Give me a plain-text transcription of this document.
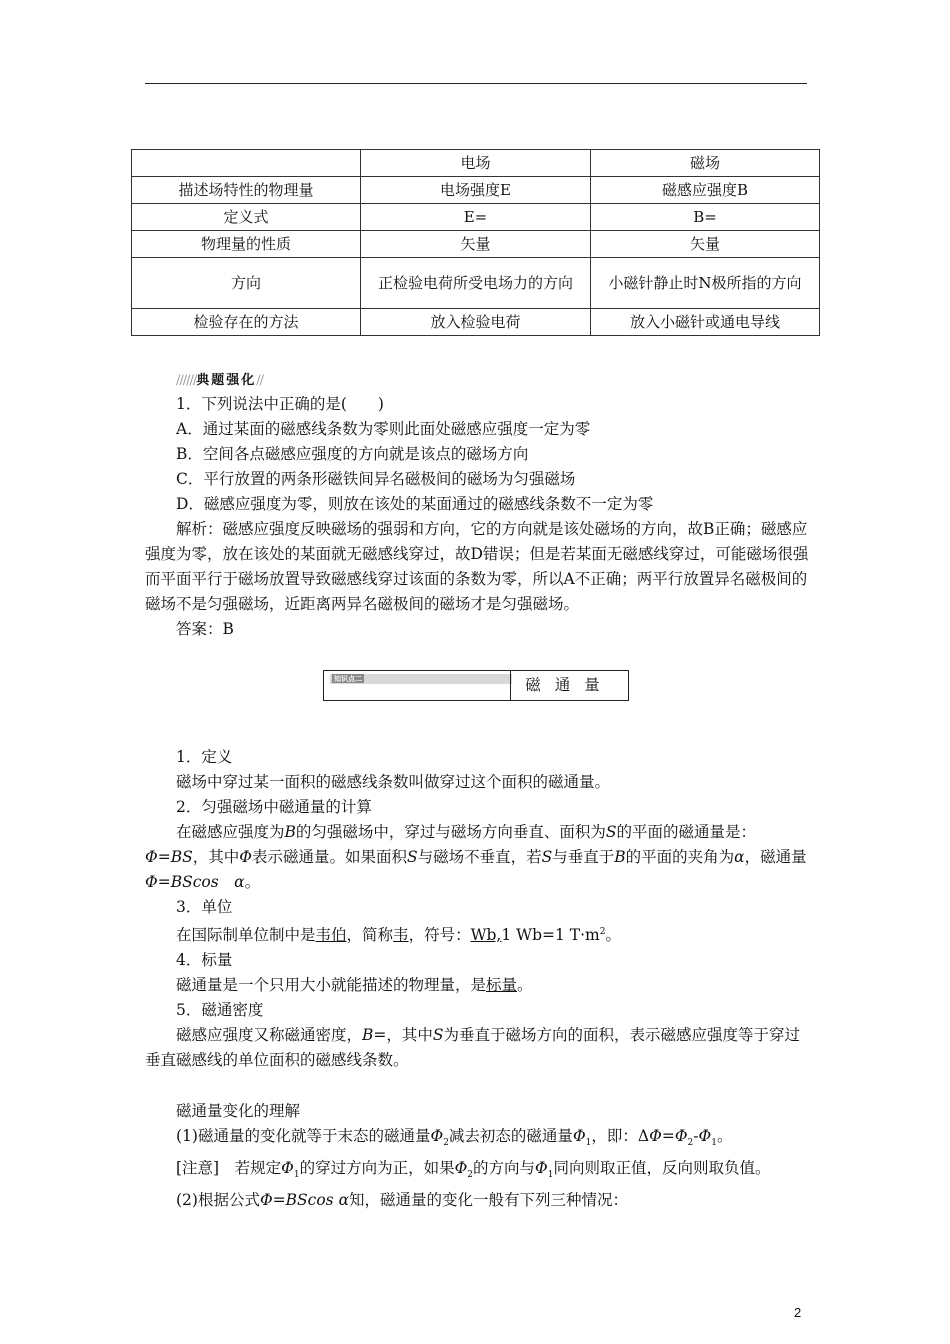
	电场	磁场
描述场特性的物理量	电场强度E	磁感应强度B
定义式	E=	B=
物理量的性质	矢量	矢量
方向	正检验电荷所受电场力的方向	小磁针静止时N极所指的方向
检验存在的方法	放入检验电荷	放入小磁针或通电导线
//////典题强化//

1．下列说法中正确的是(　　)

A．通过某面的磁感线条数为零则此面处磁感应强度一定为零

B．空间各点磁感应强度的方向就是该点的磁场方向

C．平行放置的两条形磁铁间异名磁极间的磁场为匀强磁场

D．磁感应强度为零，则放在该处的某面通过的磁感线条数不一定为零

解析：磁感应强度反映磁场的强弱和方向，它的方向就是该处磁场的方向，故B正确；磁感应强度为零，放在该处的某面就无磁感线穿过，故D错误；但是若某面无磁感线穿过，可能磁场很强而平面平行于磁场放置导致磁感线穿过该面的条数为零，所以A不正确；两平行放置异名磁极间的磁场不是匀强磁场，近距离两异名磁极间的磁场才是匀强磁场。

答案：B

知识点二	磁通量

1．定义

磁场中穿过某一面积的磁感线条数叫做穿过这个面积的磁通量。

2．匀强磁场中磁通量的计算

在磁感应强度为B的匀强磁场中，穿过与磁场方向垂直、面积为S的平面的磁通量是：Φ=BS，其中Φ表示磁通量。如果面积S与磁场不垂直，若S与垂直于B的平面的夹角为α，磁通量Φ=BScos　α。

3．单位

在国际制单位制中是韦伯，简称韦，符号：Wb,1 Wb=1 $T\cdot m^2$。

4．标量

磁通量是一个只用大小就能描述的物理量，是标量。

5．磁通密度

磁感应强度又称磁通密度，B=，其中S为垂直于磁场方向的面积，表示磁感应强度等于穿过垂直磁感线的单位面积的磁感线条数。

磁通量变化的理解

(1)磁通量的变化就等于末态的磁通量$\Phi_2$减去初态的磁通量$\Phi_1$，即：$\Delta\Phi=\Phi_2-\Phi_1$。

[注意]　若规定$\Phi_1$的穿过方向为正，如果$\Phi_2$的方向与$\Phi_1$同向则取正值，反向则取负值。

(2)根据公式Φ=BScos α知，磁通量的变化一般有下列三种情况：

2
